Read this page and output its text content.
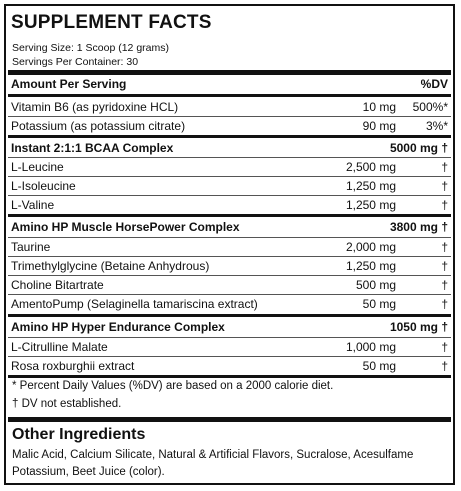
SUPPLEMENT FACTS
Serving Size: 1 Scoop (12 grams)
Servings Per Container: 30
Amount Per Serving	%DV
Vitamin B6 (as pyridoxine HCL)	10 mg 500%*
Potassium (as potassium citrate)	90 mg 3%*
Instant 2:1:1 BCAA Complex	5000 mg †
L-Leucine	2,500 mg	†
L-Isoleucine	1,250 mg	†
L-Valine	1,250 mg	†
Amino HP Muscle HorsePower Complex	3800 mg †
Taurine	2,000 mg	†
Trimethylglycine (Betaine Anhydrous)	1,250 mg	†
Choline Bitartrate	500 mg	†
AmentoPump (Selaginella tamariscina extract)	50 mg	†
Amino HP Hyper Endurance Complex	1050 mg †
L-Citrulline Malate	1,000 mg	†
Rosa roxburghii extract	50 mg	†
* Percent Daily Values (%DV) are based on a 2000 calorie diet.
† DV not established.
Other Ingredients
Malic Acid, Calcium Silicate, Natural & Artificial Flavors, Sucralose, Acesulfame Potassium, Beet Juice (color).
